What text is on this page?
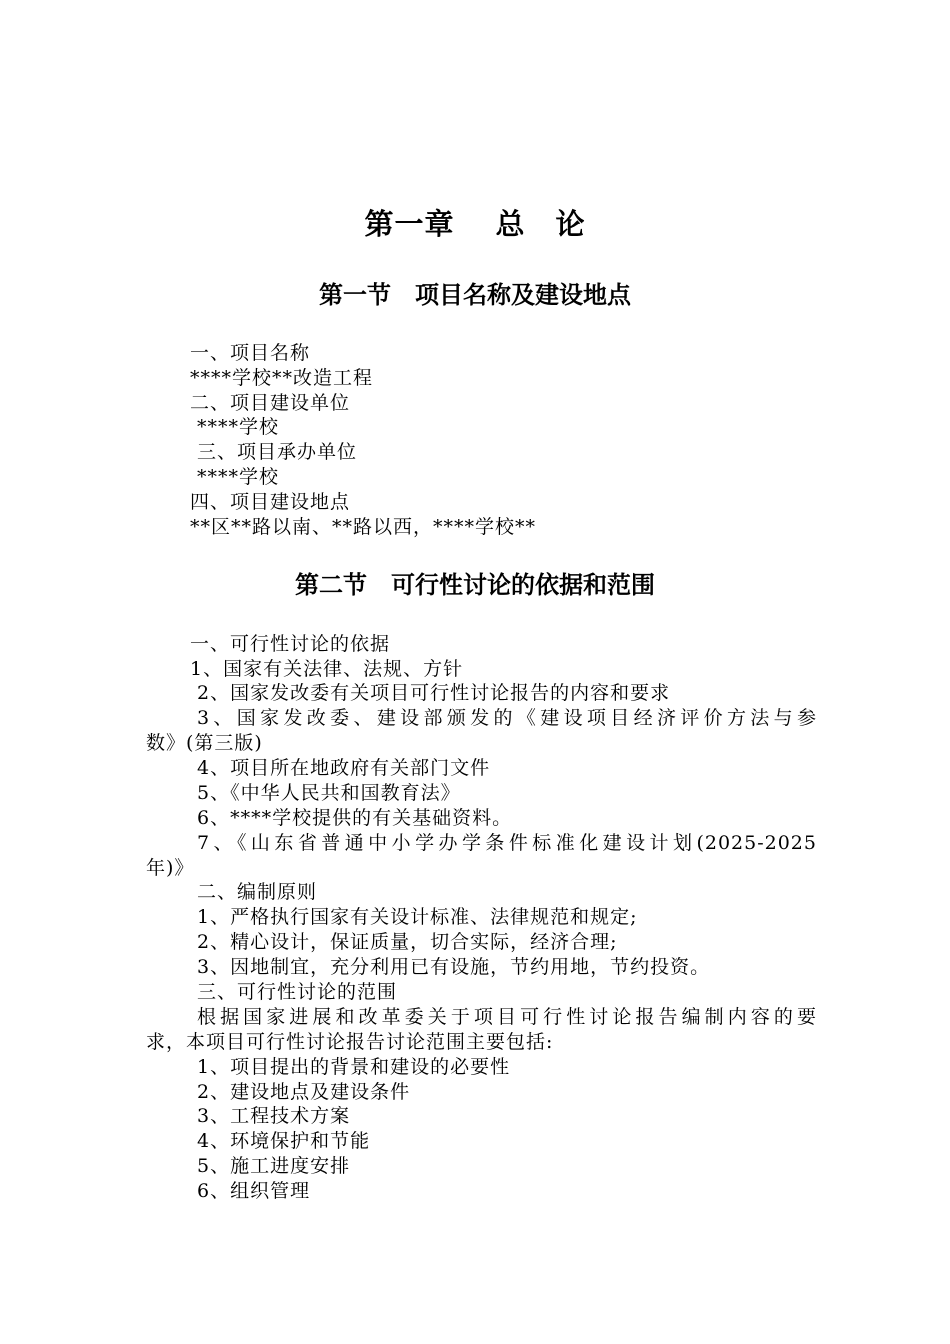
第一章　 总　论
第一节　项目名称及建设地点
一、项目名称
****学校**改造工程
二、项目建设单位
****学校
三、项目承办单位
****学校
四、项目建设地点
**区**路以南、**路以西，****学校**
第二节　可行性讨论的依据和范围
一、可行性讨论的依据
1、国家有关法律、法规、方针
2、国家发改委有关项目可行性讨论报告的内容和要求
3、国家发改委、建设部颁发的《建设项目经济评价方法与参
数》(第三版)
4、项目所在地政府有关部门文件
5、《中华人民共和国教育法》
6、****学校提供的有关基础资料。
7、《山东省普通中小学办学条件标准化建设计划(2025-2025
年)》
二、编制原则
1、严格执行国家有关设计标准、法律规范和规定;
2、精心设计，保证质量，切合实际，经济合理;
3、因地制宜，充分利用已有设施，节约用地，节约投资。
三、可行性讨论的范围
根据国家进展和改革委关于项目可行性讨论报告编制内容的要
求，本项目可行性讨论报告讨论范围主要包括:
1、项目提出的背景和建设的必要性
2、建设地点及建设条件
3、工程技术方案
4、环境保护和节能
5、施工进度安排
6、组织管理
